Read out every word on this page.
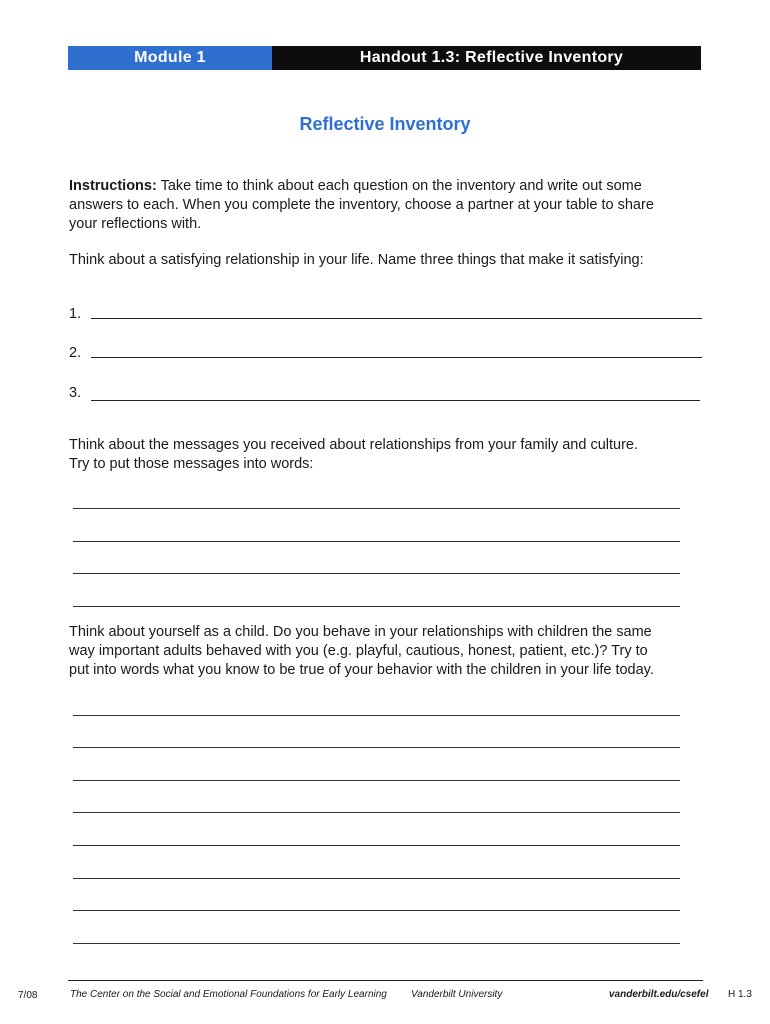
Module 1	Handout 1.3: Reflective Inventory
Reflective Inventory
Instructions: Take time to think about each question on the inventory and write out some
answers to each. When you complete the inventory, choose a partner at your table to share
your reflections with.
Think about a satisfying relationship in your life. Name three things that make it satisfying:
1.
2.
3.
Think about the messages you received about relationships from your family and culture.
Try to put those messages into words:
Think about yourself as a child. Do you behave in your relationships with children the same
way important adults behaved with you (e.g. playful, cautious, honest, patient, etc.)? Try to
put into words what you know to be true of your behavior with the children in your life today.
7/08	The Center on the Social and Emotional Foundations for Early Learning Vanderbilt University	vanderbilt.edu/csefel H 1.3
